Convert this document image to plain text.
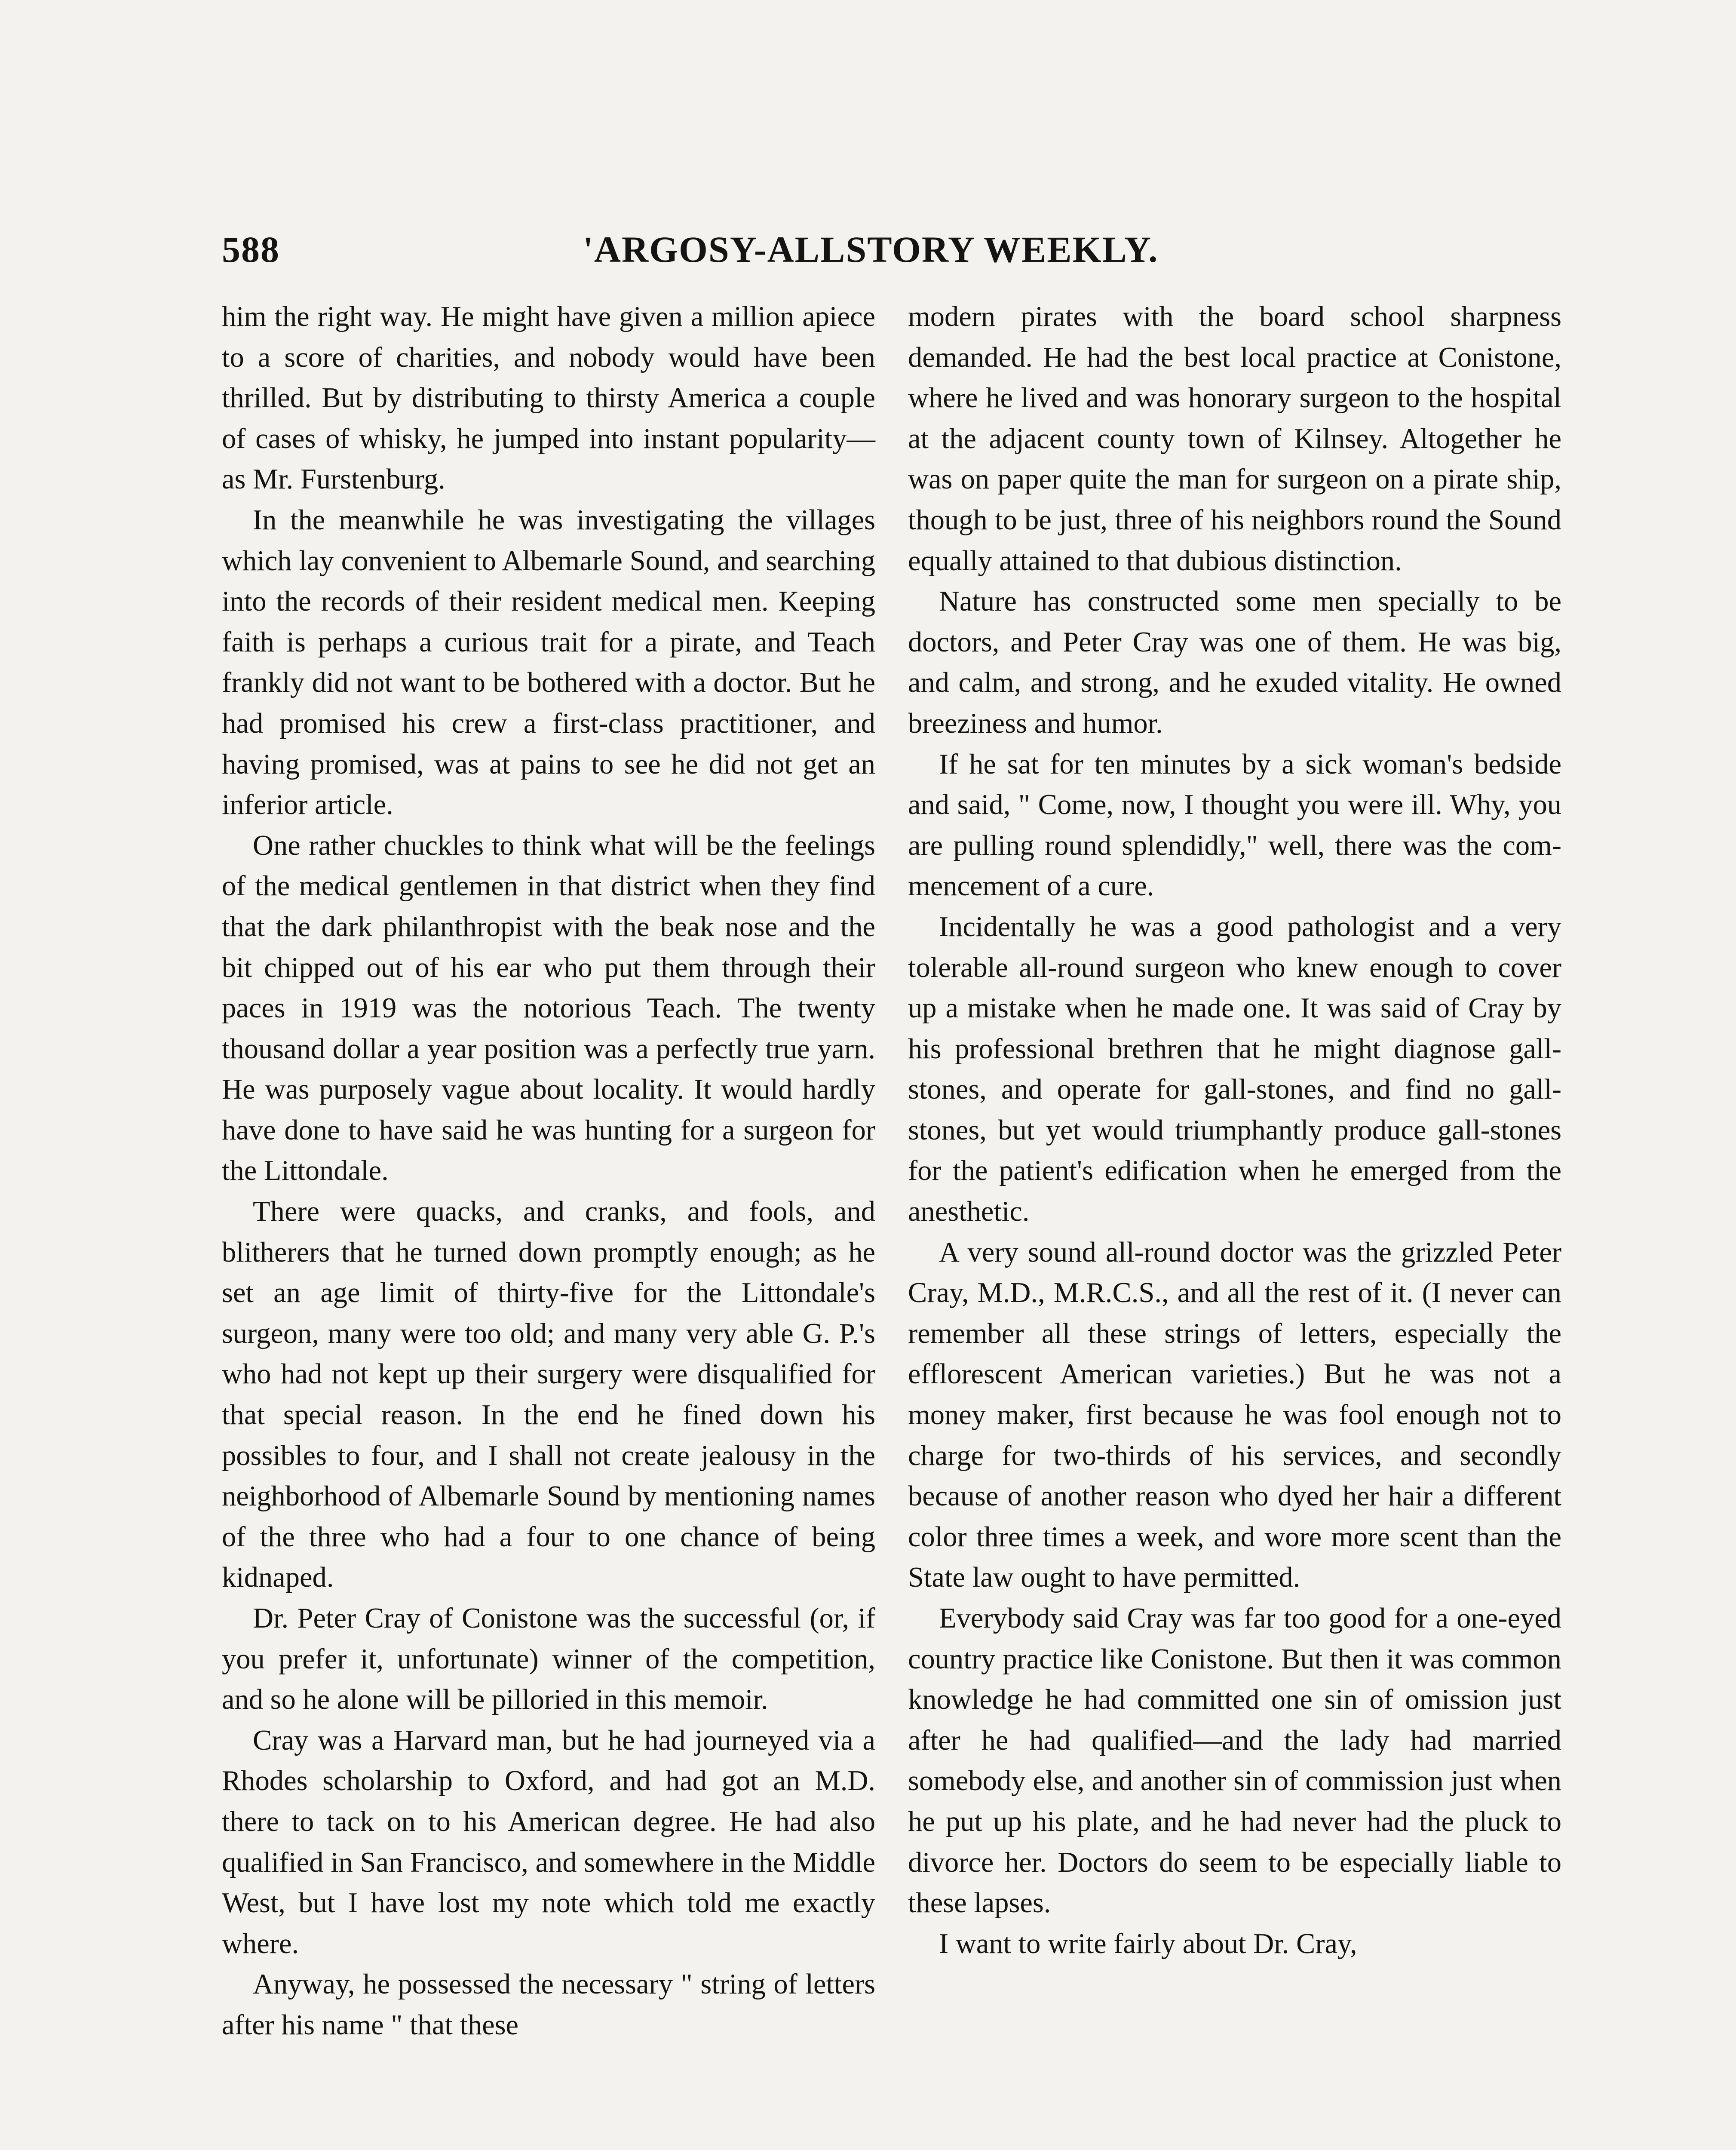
588	'ARGOSY-ALLSTORY WEEKLY.

him the right way. He might have given a million apiece to a score of charities, and nobody would have been thrilled. But by distributing to thirsty America a couple of cases of whisky, he jumped into instant popularity—as Mr. Furstenburg.

In the meanwhile he was investigating the villages which lay convenient to Albemarle Sound, and searching into the records of their resident medical men. Keeping faith is perhaps a curious trait for a pirate, and Teach frankly did not want to be bothered with a doctor. But he had promised his crew a first-class practitioner, and having promised, was at pains to see he did not get an inferior article.

One rather chuckles to think what will be the feelings of the medical gentlemen in that district when they find that the dark philanthropist with the beak nose and the bit chipped out of his ear who put them through their paces in 1919 was the notorious Teach. The twenty thousand dollar a year position was a perfectly true yarn. He was purposely vague about locality. It would hardly have done to have said he was hunting for a surgeon for the Littondale.

There were quacks, and cranks, and fools, and blitherers that he turned down promptly enough; as he set an age limit of thirty-five for the Littondale's surgeon, many were too old; and many very able G. P.'s who had not kept up their surgery were disqualified for that special reason. In the end he fined down his possibles to four, and I shall not create jealousy in the neighborhood of Albemarle Sound by mentioning names of the three who had a four to one chance of being kidnaped.

Dr. Peter Cray of Conistone was the successful (or, if you prefer it, unfortunate) winner of the competition, and so he alone will be pilloried in this memoir.

Cray was a Harvard man, but he had journeyed via a Rhodes scholarship to Oxford, and had got an M.D. there to tack on to his American degree. He had also qualified in San Francisco, and somewhere in the Middle West, but I have lost my note which told me exactly where.

Anyway, he possessed the necessary " string of letters after his name " that these

modern pirates with the board school sharpness demanded. He had the best local practice at Conistone, where he lived and was honorary surgeon to the hospital at the adjacent county town of Kilnsey. Altogether he was on paper quite the man for surgeon on a pirate ship, though to be just, three of his neighbors round the Sound equally attained to that dubious distinction.

Nature has constructed some men specially to be doctors, and Peter Cray was one of them. He was big, and calm, and strong, and he exuded vitality. He owned breeziness and humor.

If he sat for ten minutes by a sick woman's bedside and said, " Come, now, I thought you were ill. Why, you are pulling round splendidly," well, there was the commencement of a cure.

Incidentally he was a good pathologist and a very tolerable all-round surgeon who knew enough to cover up a mistake when he made one. It was said of Cray by his professional brethren that he might diagnose gall-stones, and operate for gall-stones, and find no gall-stones, but yet would triumphantly produce gall-stones for the patient's edification when he emerged from the anesthetic.

A very sound all-round doctor was the grizzled Peter Cray, M.D., M.R.C.S., and all the rest of it. (I never can remember all these strings of letters, especially the efflorescent American varieties.) But he was not a money maker, first because he was fool enough not to charge for two-thirds of his services, and secondly because of another reason who dyed her hair a different color three times a week, and wore more scent than the State law ought to have permitted.

Everybody said Cray was far too good for a one-eyed country practice like Conistone. But then it was common knowledge he had committed one sin of omission just after he had qualified—and the lady had married somebody else, and another sin of commission just when he put up his plate, and he had never had the pluck to divorce her. Doctors do seem to be especially liable to these lapses.

I want to write fairly about Dr. Cray,
